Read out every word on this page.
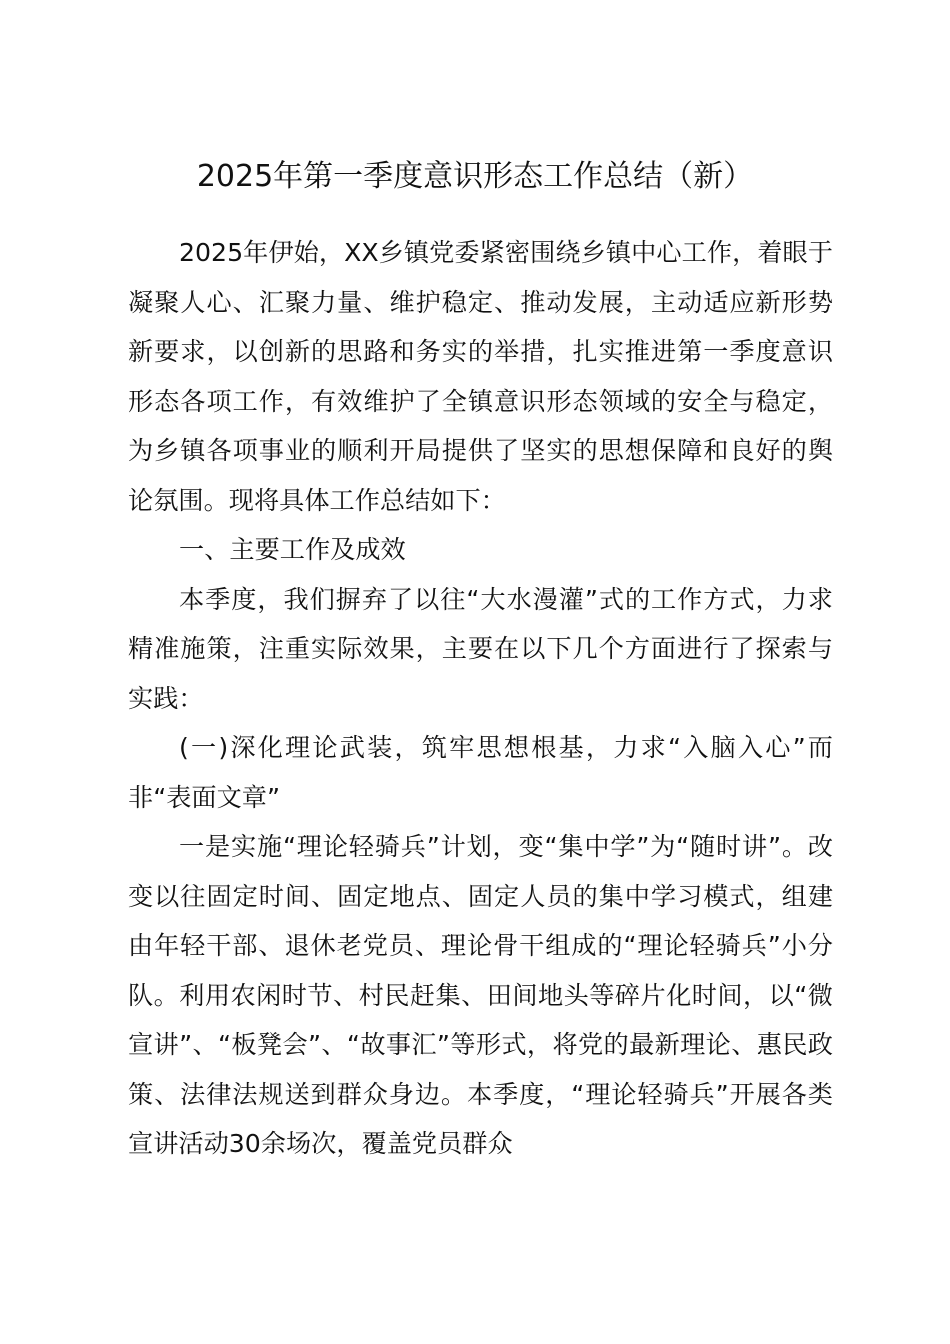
2025年第一季度意识形态工作总结（新）

2025年伊始，XX乡镇党委紧密围绕乡镇中心工作，着眼于凝聚人心、汇聚力量、维护稳定、推动发展，主动适应新形势新要求，以创新的思路和务实的举措，扎实推进第一季度意识形态各项工作，有效维护了全镇意识形态领域的安全与稳定，为乡镇各项事业的顺利开局提供了坚实的思想保障和良好的舆论氛围。现将具体工作总结如下：

一、主要工作及成效

本季度，我们摒弃了以往“大水漫灌”式的工作方式，力求精准施策，注重实际效果，主要在以下几个方面进行了探索与实践：

(一)深化理论武装，筑牢思想根基，力求“入脑入心”而非“表面文章”

一是实施“理论轻骑兵”计划，变“集中学”为“随时讲”。改变以往固定时间、固定地点、固定人员的集中学习模式，组建由年轻干部、退休老党员、理论骨干组成的“理论轻骑兵”小分队。利用农闲时节、村民赶集、田间地头等碎片化时间，以“微宣讲”、“板凳会”、“故事汇”等形式，将党的最新理论、惠民政策、法律法规送到群众身边。本季度，“理论轻骑兵”开展各类宣讲活动30余场次，覆盖党员群众
